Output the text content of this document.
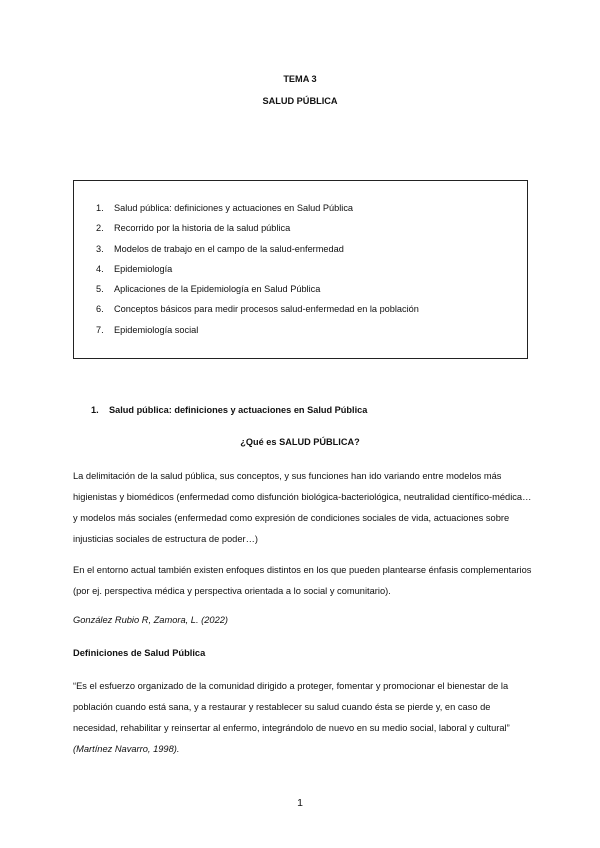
TEMA 3
SALUD PÚBLICA
1. Salud pública: definiciones y actuaciones en Salud Pública
2. Recorrido por la historia de la salud pública
3. Modelos de trabajo en el campo de la salud-enfermedad
4. Epidemiología
5. Aplicaciones de la Epidemiología en Salud Pública
6. Conceptos básicos para medir procesos salud-enfermedad en la población
7. Epidemiología social
1. Salud pública: definiciones y actuaciones en Salud Pública
¿Qué es SALUD PÚBLICA?

La delimitación de la salud pública, sus conceptos, y sus funciones han ido variando entre modelos más higienistas y biomédicos (enfermedad como disfunción biológica-bacteriológica, neutralidad científico-médica… y modelos más sociales (enfermedad como expresión de condiciones sociales de vida, actuaciones sobre injusticias sociales de estructura de poder…)

En el entorno actual también existen enfoques distintos en los que pueden plantearse énfasis complementarios (por ej. perspectiva médica y perspectiva orientada a lo social y comunitario).

González Rubio R, Zamora, L. (2022)
Definiciones de Salud Pública

“Es el esfuerzo organizado de la comunidad dirigido a proteger, fomentar y promocionar el bienestar de la población cuando está sana, y a restaurar y restablecer su salud cuando ésta se pierde y, en caso de necesidad, rehabilitar y reinsertar al enfermo, integrándolo de nuevo en su medio social, laboral y cultural” (Martínez Navarro, 1998).

1
